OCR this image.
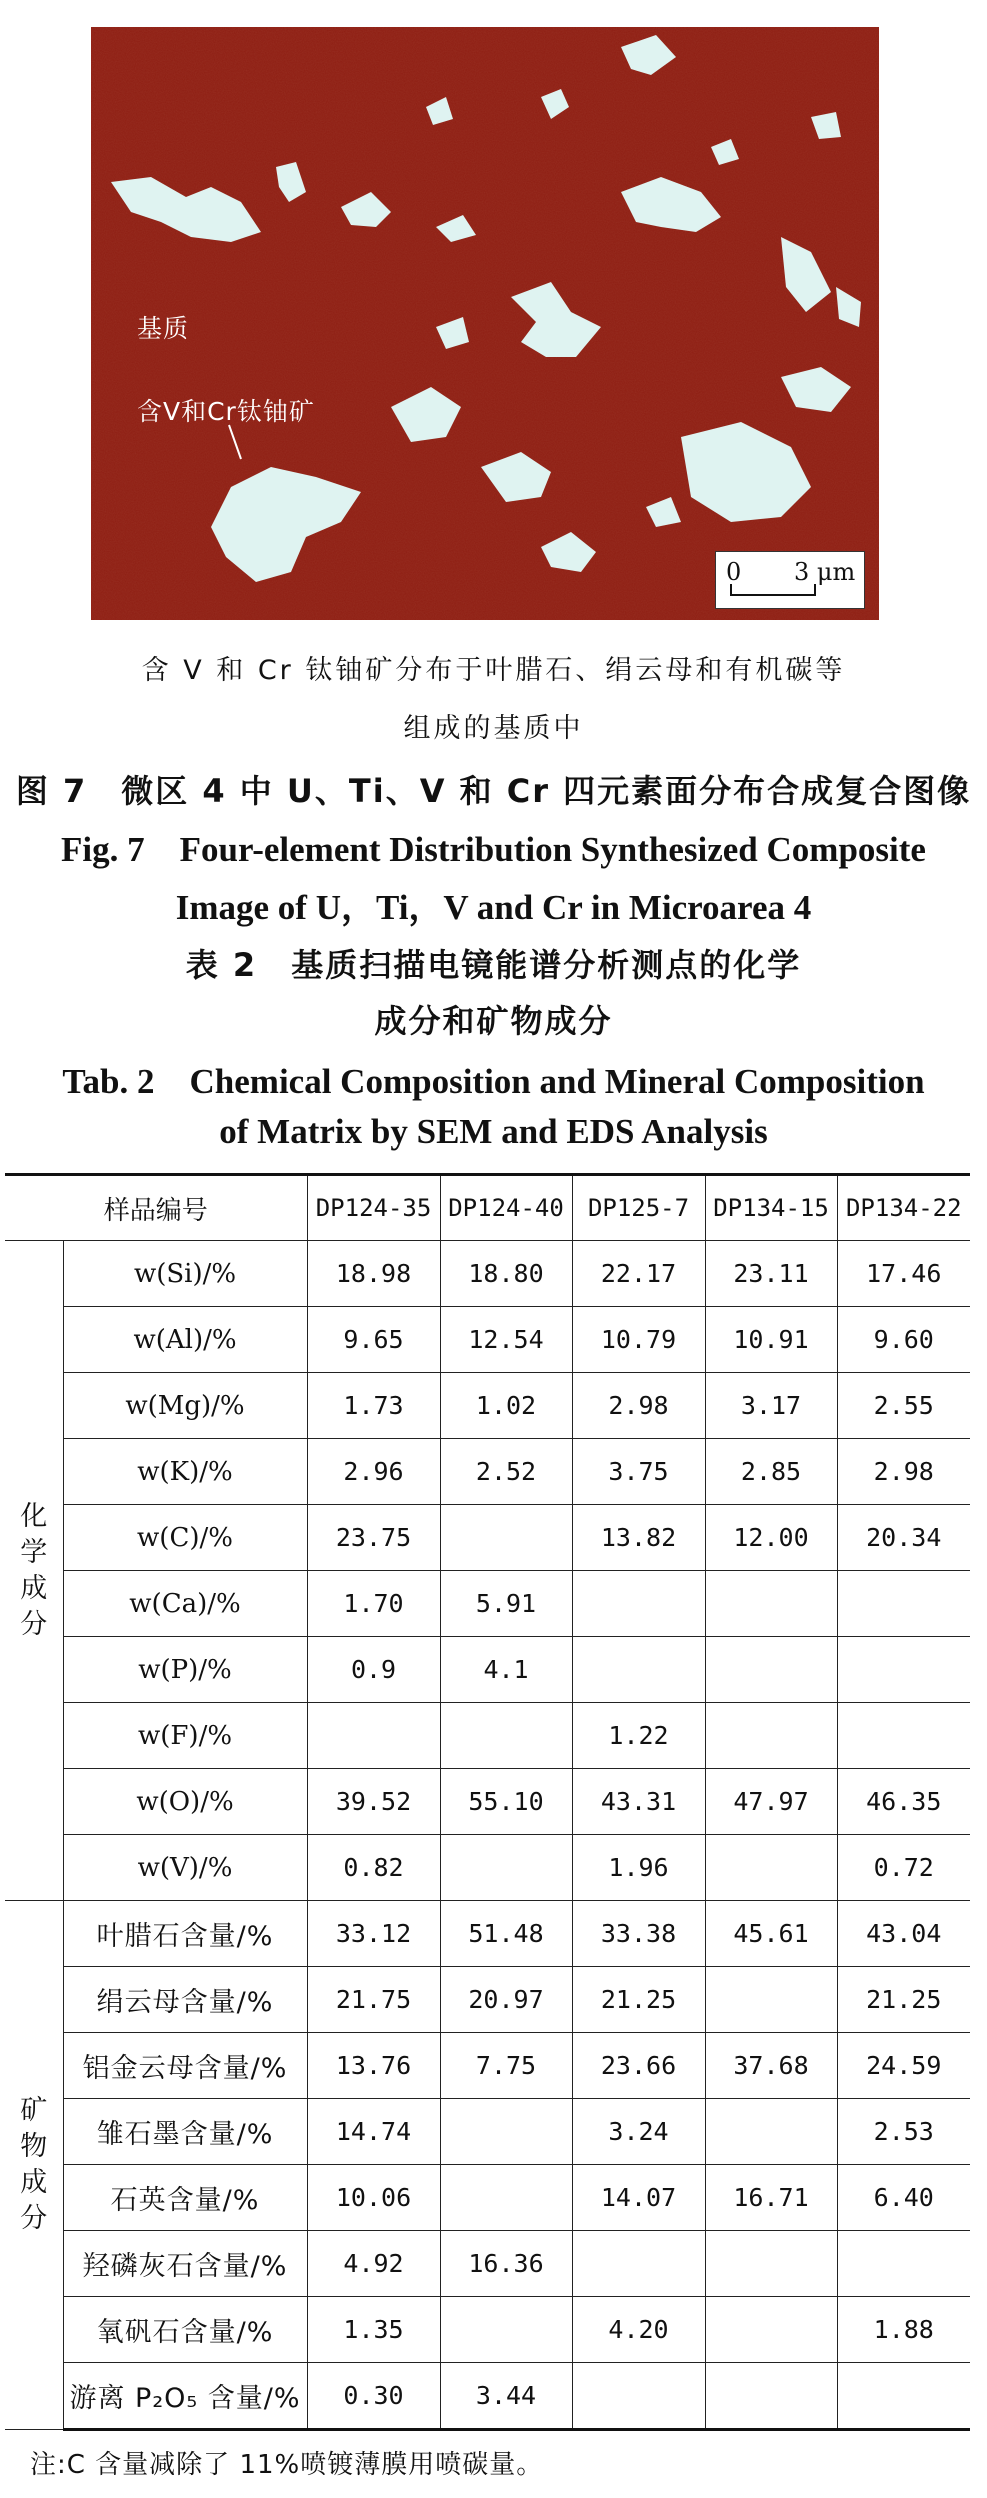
基质
含V和Cr钛铀矿
0 3 μm
含 V 和 Cr 钛铀矿分布于叶腊石、绢云母和有机碳等
组成的基质中
图 7　微区 4 中 U、Ti、V 和 Cr 四元素面分布合成复合图像
Fig. 7　Four-element Distribution Synthesized Composite
Image of U，Ti，V and Cr in Microarea 4
表 2　基质扫描电镜能谱分析测点的化学
成分和矿物成分
Tab. 2　Chemical Composition and Mineral Composition
of Matrix by SEM and EDS Analysis
样品编号		DP124-35	DP124-40	DP125-7	DP134-15	DP134-22

化
学
成
分	w(Si)/%	18.98	18.80	22.17	23.11	17.46
	w(Al)/%	9.65	12.54	10.79	10.91	9.60
	w(Mg)/%	1.73	1.02	2.98	3.17	2.55
	w(K)/%	2.96	2.52	3.75	2.85	2.98
	w(C)/%	23.75		13.82	12.00	20.34
	w(Ca)/%	1.70	5.91			
	w(P)/%	0.9	4.1			
	w(F)/%			1.22		
	w(O)/%	39.52	55.10	43.31	47.97	46.35
	w(V)/%	0.82		1.96		0.72

矿
物
成
分	叶腊石含量/%	33.12	51.48	33.38	45.61	43.04
	绢云母含量/%	21.75	20.97	21.25		21.25
	铝金云母含量/%	13.76	7.75	23.66	37.68	24.59
	雏石墨含量/%	14.74		3.24		2.53
	石英含量/%	10.06		14.07	16.71	6.40
	羟磷灰石含量/%	4.92	16.36			
	氧矾石含量/%	1.35		4.20		1.88
	游离 P₂O₅ 含量/%	0.30	3.44			
注:C 含量减除了 11%喷镀薄膜用喷碳量。
